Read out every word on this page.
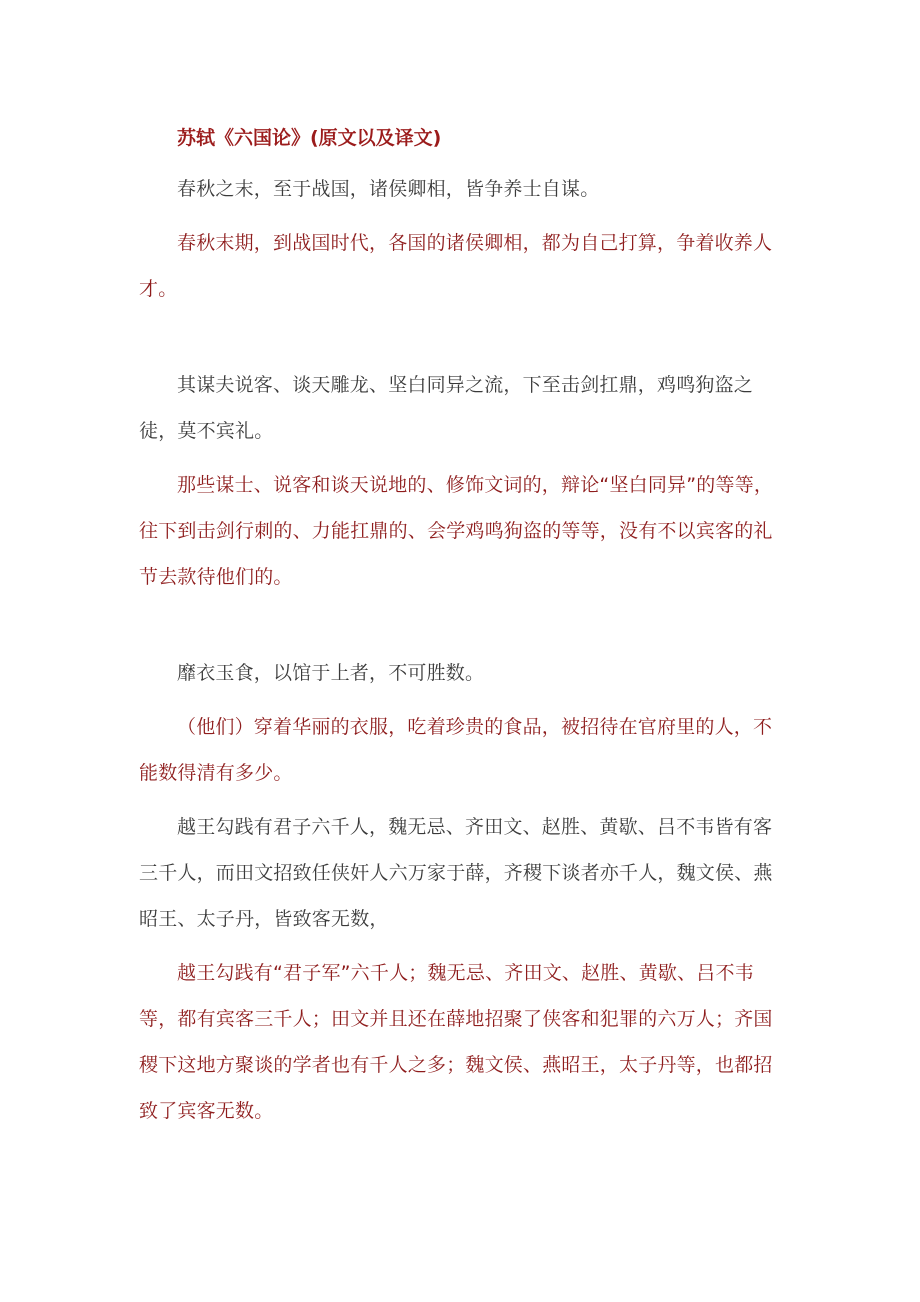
苏轼《六国论》(原文以及译文)

春秋之末，至于战国，诸侯卿相，皆争养士自谋。

春秋末期，到战国时代，各国的诸侯卿相，都为自己打算，争着收养人才。

其谋夫说客、谈天雕龙、坚白同异之流，下至击剑扛鼎，鸡鸣狗盗之徒，莫不宾礼。

那些谋士、说客和谈天说地的、修饰文词的，辩论“坚白同异”的等等，往下到击剑行刺的、力能扛鼎的、会学鸡鸣狗盗的等等，没有不以宾客的礼节去款待他们的。

靡衣玉食，以馆于上者，不可胜数。

（他们）穿着华丽的衣服，吃着珍贵的食品，被招待在官府里的人，不能数得清有多少。

越王勾践有君子六千人，魏无忌、齐田文、赵胜、黄歇、吕不韦皆有客三千人，而田文招致任侠奸人六万家于薛，齐稷下谈者亦千人，魏文侯、燕昭王、太子丹，皆致客无数，

越王勾践有“君子军”六千人；魏无忌、齐田文、赵胜、黄歇、吕不韦等，都有宾客三千人；田文并且还在薛地招聚了侠客和犯罪的六万人；齐国稷下这地方聚谈的学者也有千人之多；魏文侯、燕昭王，太子丹等，也都招致了宾客无数。
